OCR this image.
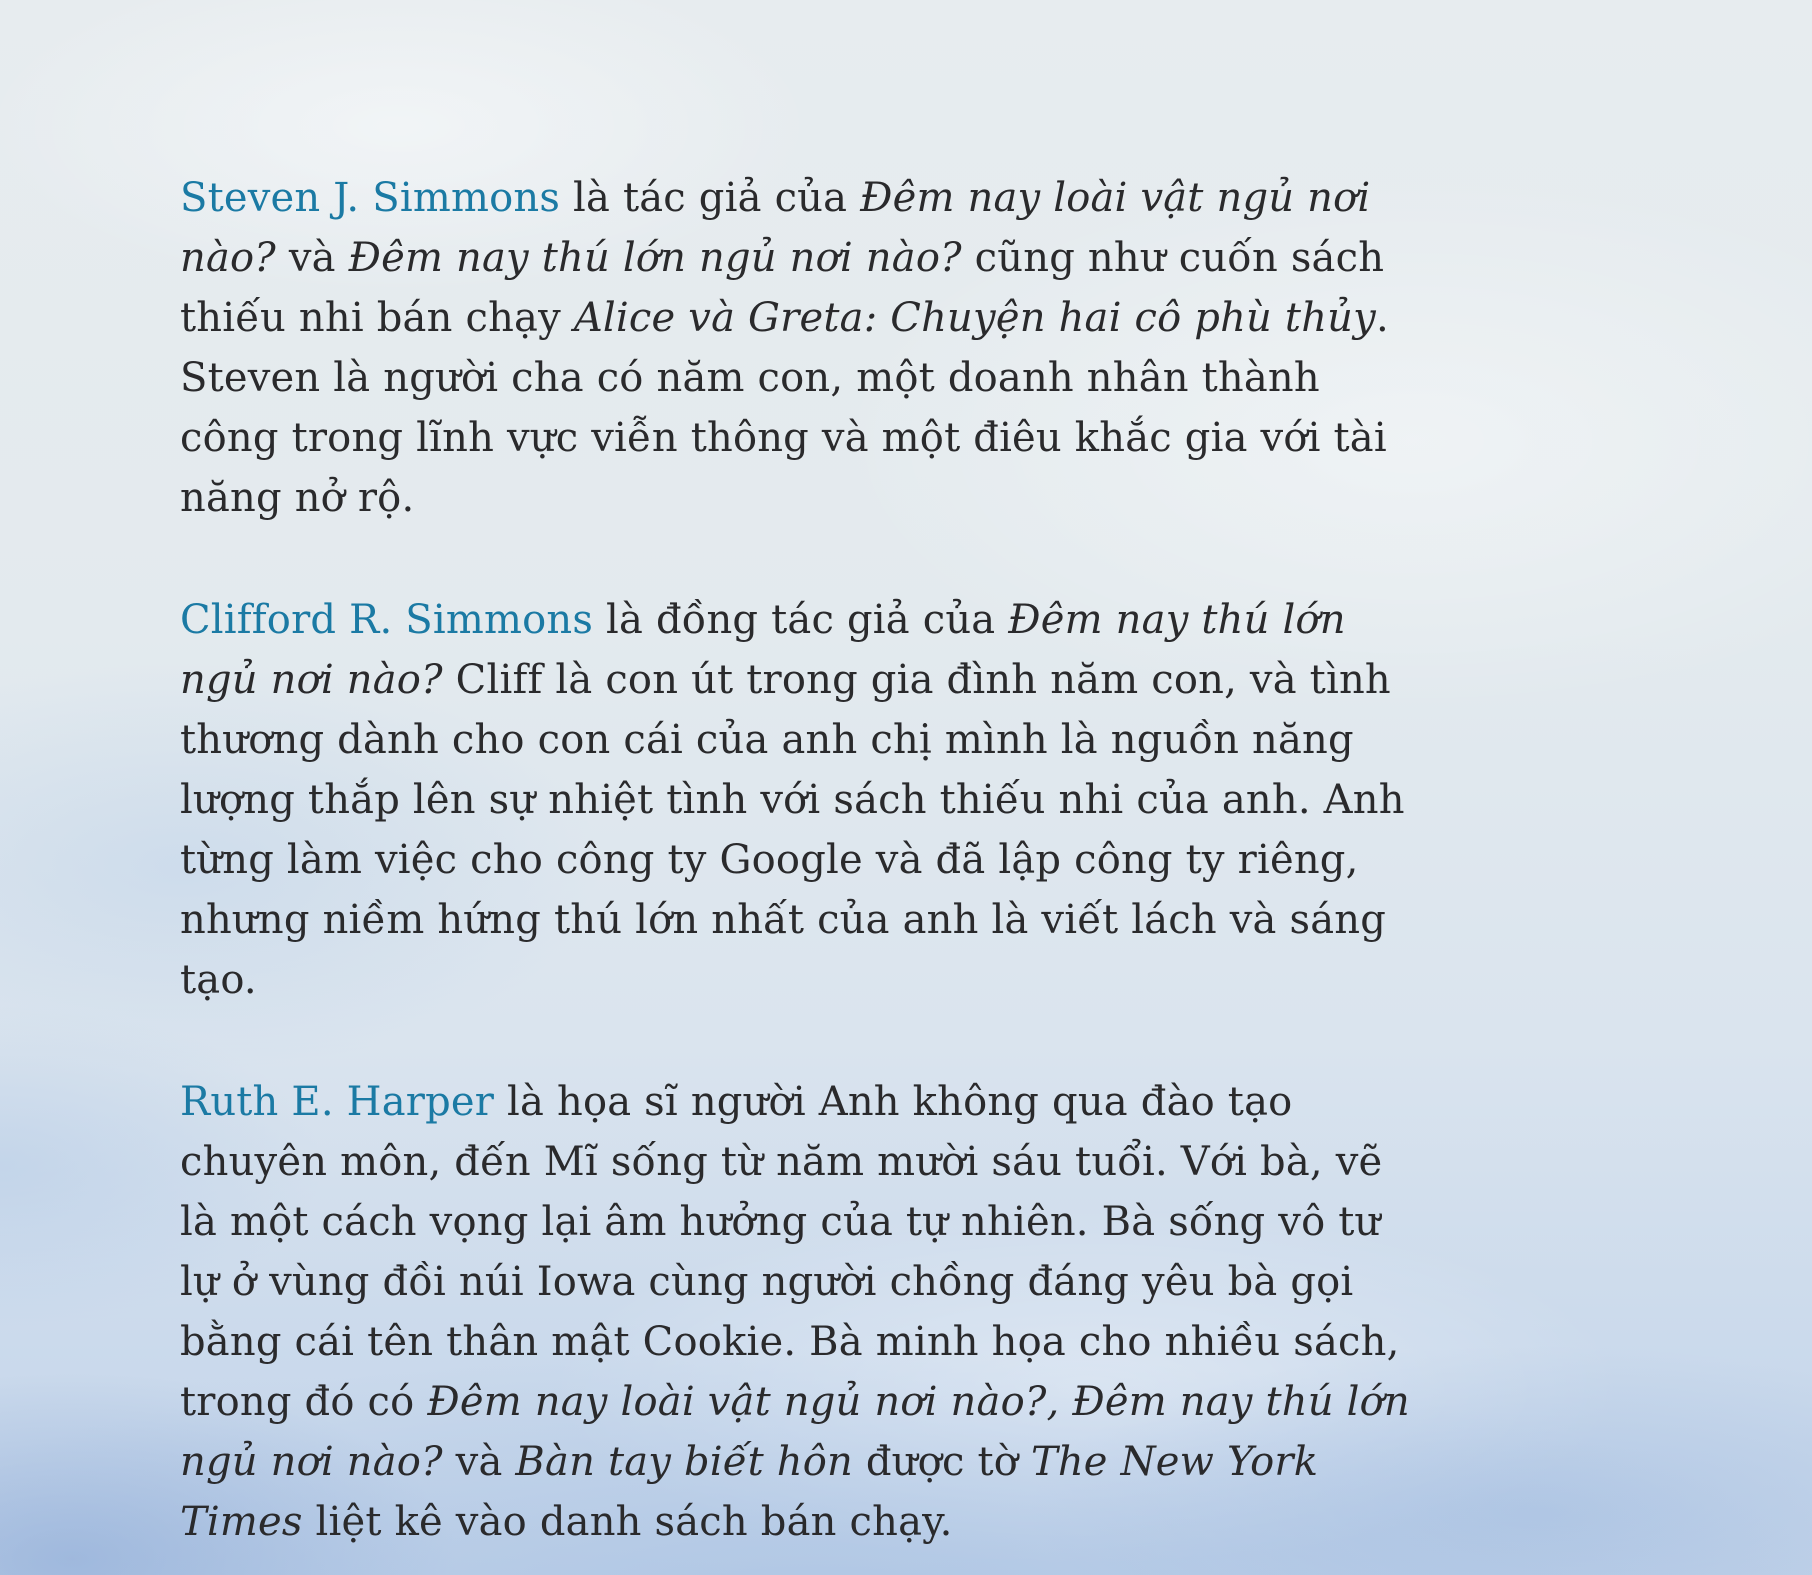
Steven J. Simmons là tác giả của Đêm nay loài vật ngủ nơi nào? và Đêm nay thú lớn ngủ nơi nào? cũng như cuốn sách thiếu nhi bán chạy Alice và Greta: Chuyện hai cô phù thủy. Steven là người cha có năm con, một doanh nhân thành công trong lĩnh vực viễn thông và một điêu khắc gia với tài năng nở rộ.

Clifford R. Simmons là đồng tác giả của Đêm nay thú lớn ngủ nơi nào? Cliff là con út trong gia đình năm con, và tình thương dành cho con cái của anh chị mình là nguồn năng lượng thắp lên sự nhiệt tình với sách thiếu nhi của anh. Anh từng làm việc cho công ty Google và đã lập công ty riêng, nhưng niềm hứng thú lớn nhất của anh là viết lách và sáng tạo.

Ruth E. Harper là họa sĩ người Anh không qua đào tạo chuyên môn, đến Mĩ sống từ năm mười sáu tuổi. Với bà, vẽ là một cách vọng lại âm hưởng của tự nhiên. Bà sống vô tư lự ở vùng đồi núi Iowa cùng người chồng đáng yêu bà gọi bằng cái tên thân mật Cookie. Bà minh họa cho nhiều sách, trong đó có Đêm nay loài vật ngủ nơi nào?, Đêm nay thú lớn ngủ nơi nào? và Bàn tay biết hôn được tờ The New York Times liệt kê vào danh sách bán chạy.
